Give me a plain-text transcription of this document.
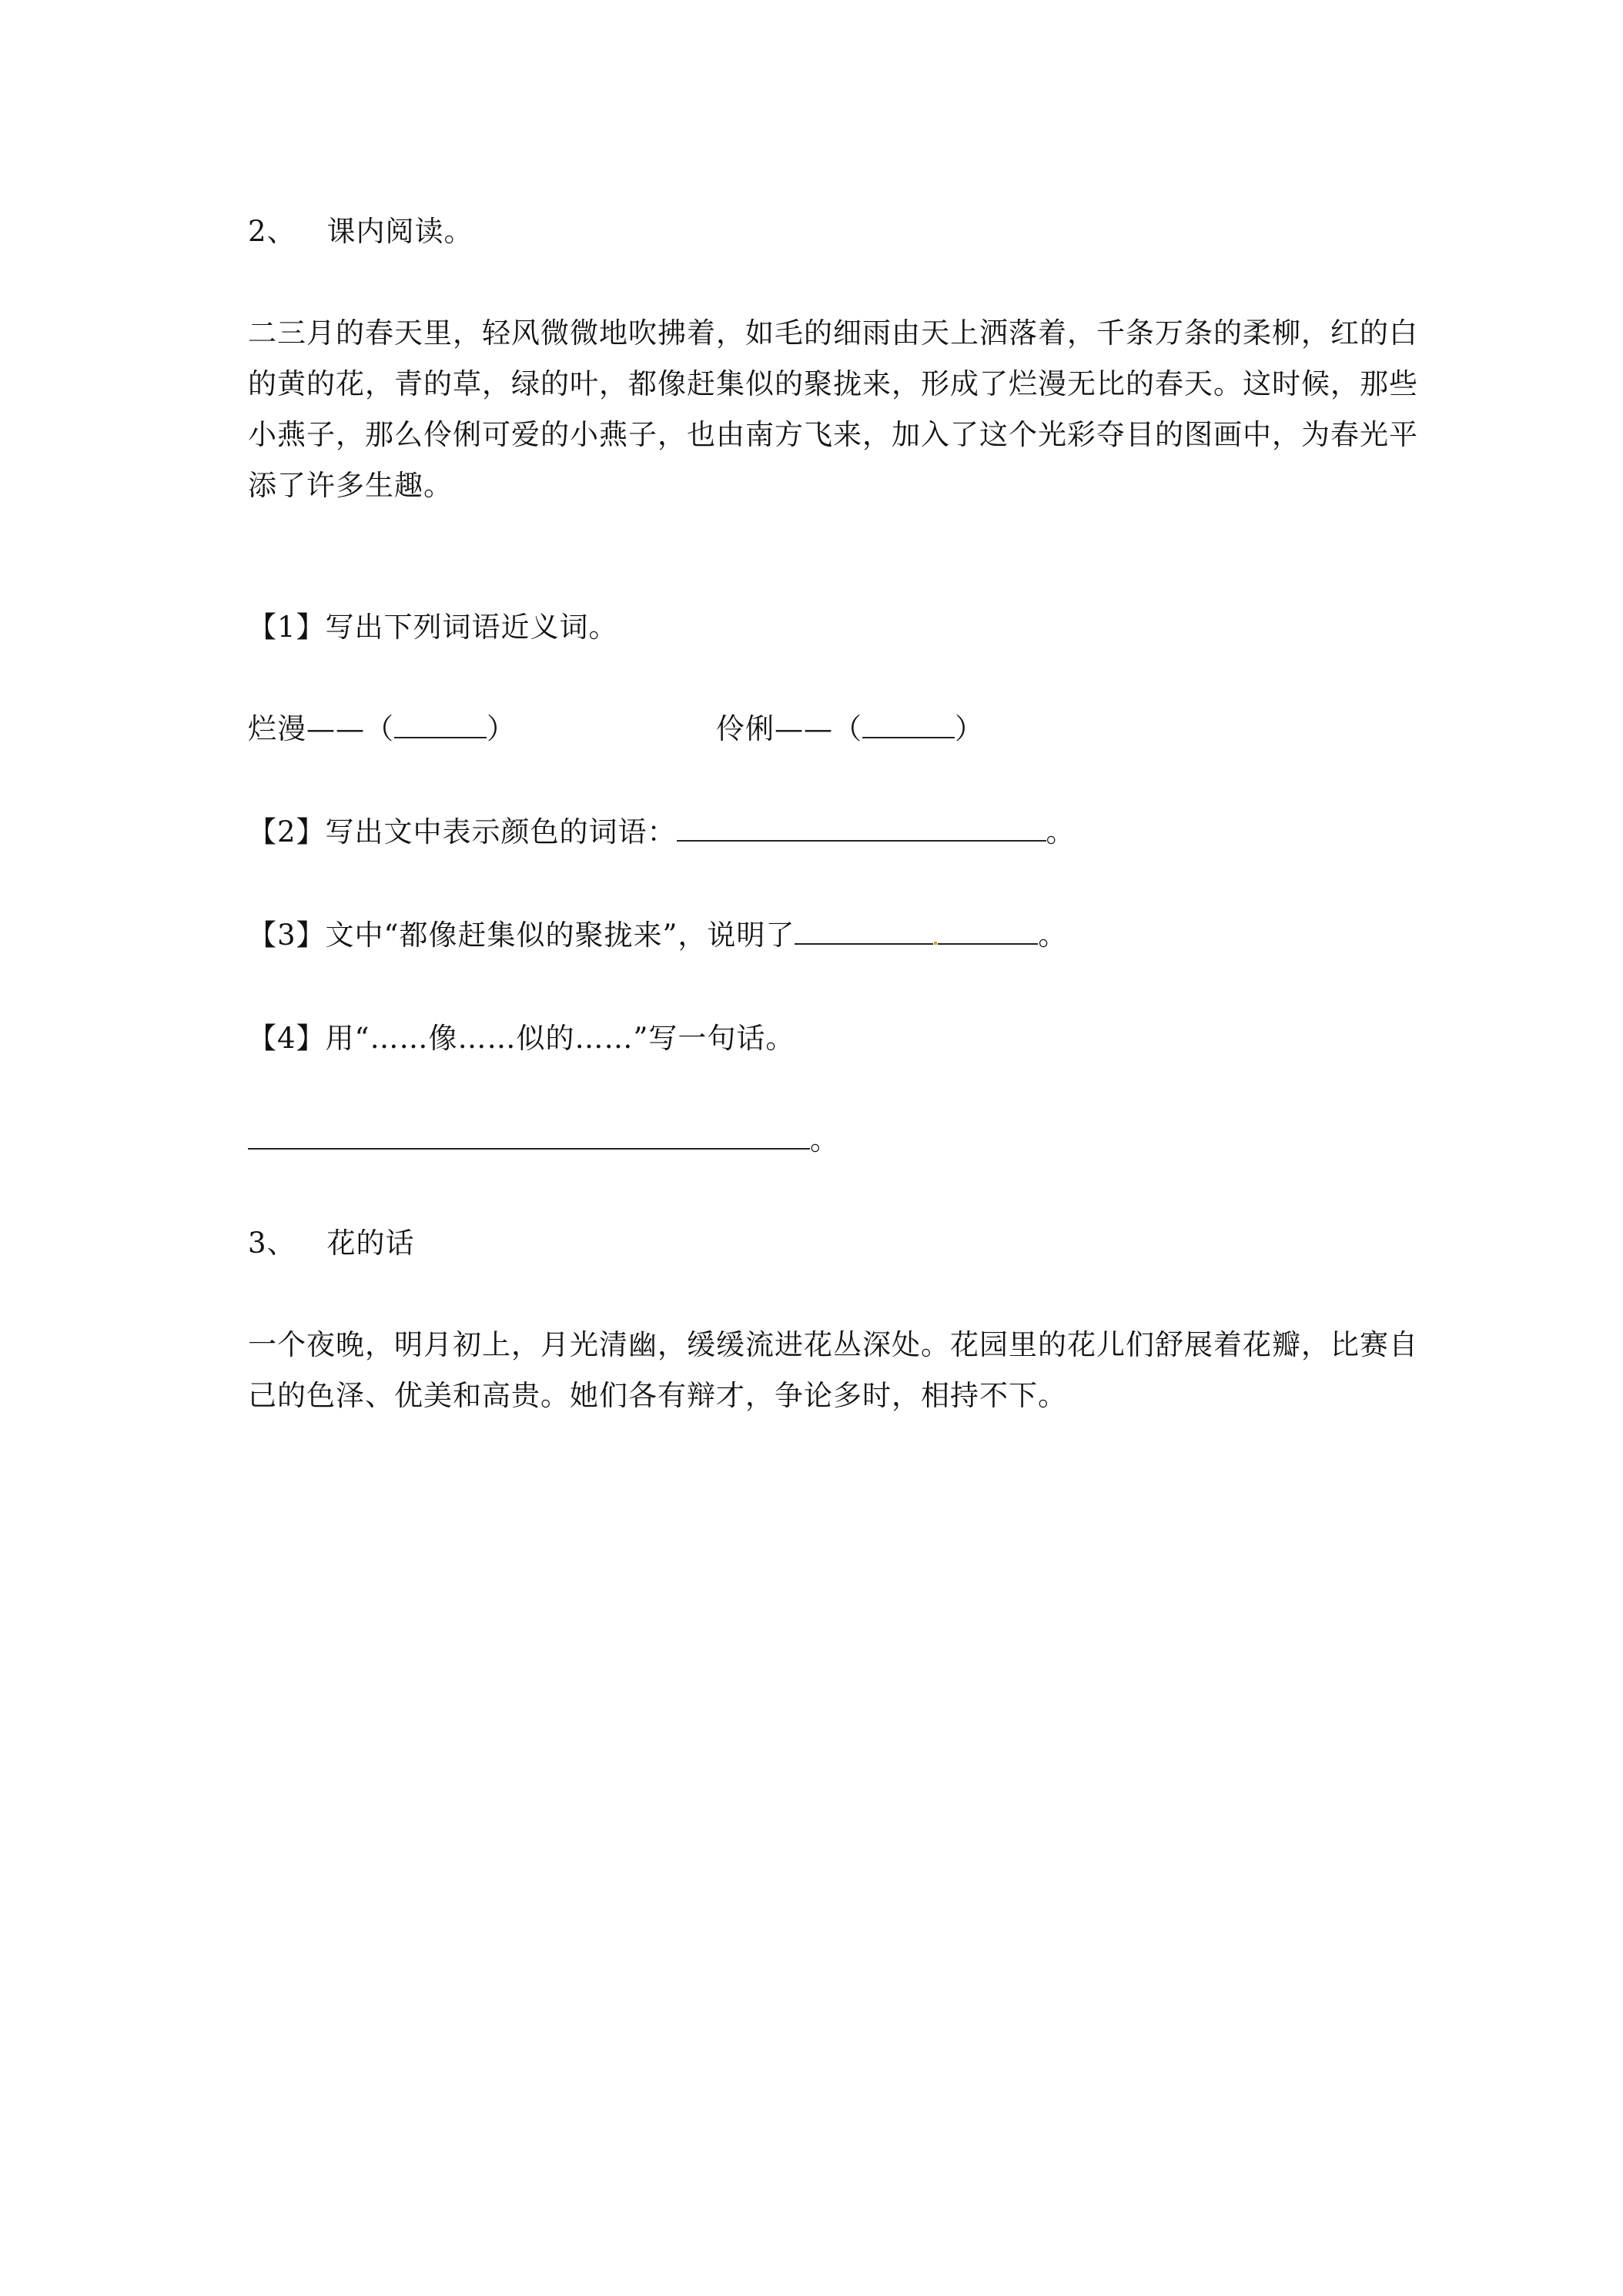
2、 课内阅读。
二三月的春天里，轻风微微地吹拂着，如毛的细雨由天上洒落着，千条万条的柔柳，红的白
的黄的花，青的草，绿的叶，都像赶集似的聚拢来，形成了烂漫无比的春天。这时候，那些
小燕子，那么伶俐可爱的小燕子，也由南方飞来，加入了这个光彩夺目的图画中，为春光平
添了许多生趣。
【1】写出下列词语近义词。
烂漫——（	）	伶俐——（	）
【2】写出文中表示颜色的词语：	。
【3】文中“都像赶集似的聚拢来”，说明了	。
【4】用“……像……似的……”写一句话。
。
3、 花的话
一个夜晚，明月初上，月光清幽，缓缓流进花丛深处。花园里的花儿们舒展着花瓣，比赛自
己的色泽、优美和高贵。她们各有辩才，争论多时，相持不下。
